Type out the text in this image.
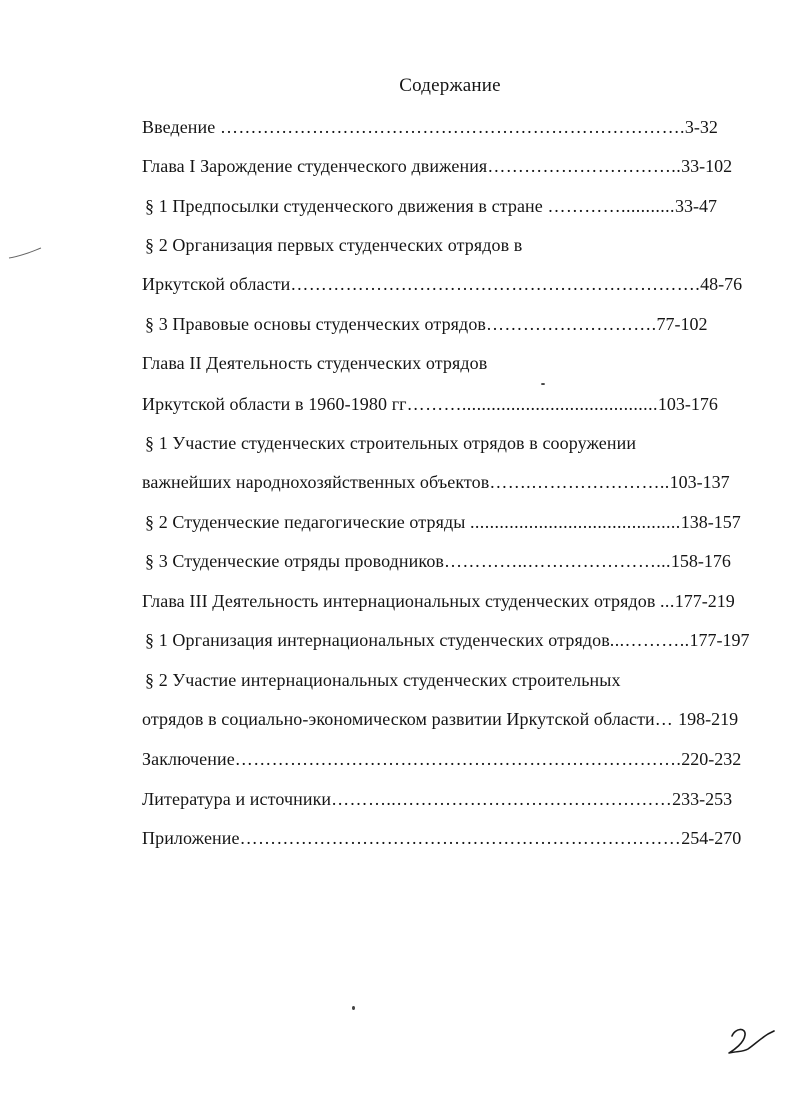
Содержание
Введение ………………………………………………………………….3-32
Глава I Зарождение студенческого движения…………………………..33-102
§ 1 Предпосылки студенческого движения в стране …………...........33-47
§ 2 Организация первых студенческих отрядов в
Иркутской области………………………………………………………….48-76
§ 3 Правовые основы студенческих отрядов……………………….77-102
Глава II Деятельность студенческих отрядов
Иркутской области в 1960-1980 гг………........................................103-176
§ 1 Участие студенческих строительных отрядов в сооружении
важнейших народнохозяйственных объектов…….…………………..103-137
§ 2 Студенческие педагогические отряды ...........................................138-157
§ 3 Студенческие отряды проводников…………..…………………...158-176
Глава III Деятельность интернациональных студенческих отрядов ...177-219
§ 1 Организация интернациональных студенческих отрядов...………..177-197
§ 2 Участие интернациональных студенческих строительных
отрядов в социально-экономическом развитии Иркутской области… 198-219
Заключение……………………………………………………………….220-232
Литература и источники………..………………………………………233-253
Приложение………………………………………………………………254-270
